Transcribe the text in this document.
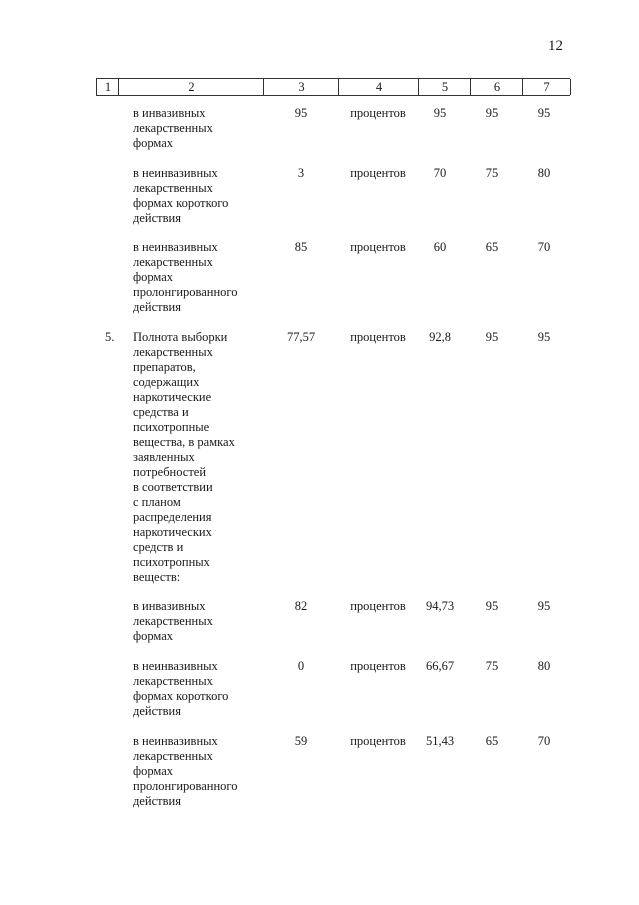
12
1	2	3	4	5	6	7
в инвазивных
лекарственных
формах
95	процентов	95	95	95
в неинвазивных
лекарственных
формах короткого
действия
3	процентов	70	75	80
в неинвазивных
лекарственных
формах
пролонгированного
действия
85	процентов	60	65	70
5.	Полнота выборки
лекарственных
препаратов,
содержащих
наркотические
средства и
психотропные
вещества, в рамках
заявленных
потребностей
в соответствии
с планом
распределения
наркотических
средств и
психотропных
веществ:
77,57	процентов	92,8	95	95
в инвазивных
лекарственных
формах
82	процентов	94,73	95	95
в неинвазивных
лекарственных
формах короткого
действия
0	процентов	66,67	75	80
в неинвазивных
лекарственных
формах
пролонгированного
действия
59	процентов	51,43	65	70
